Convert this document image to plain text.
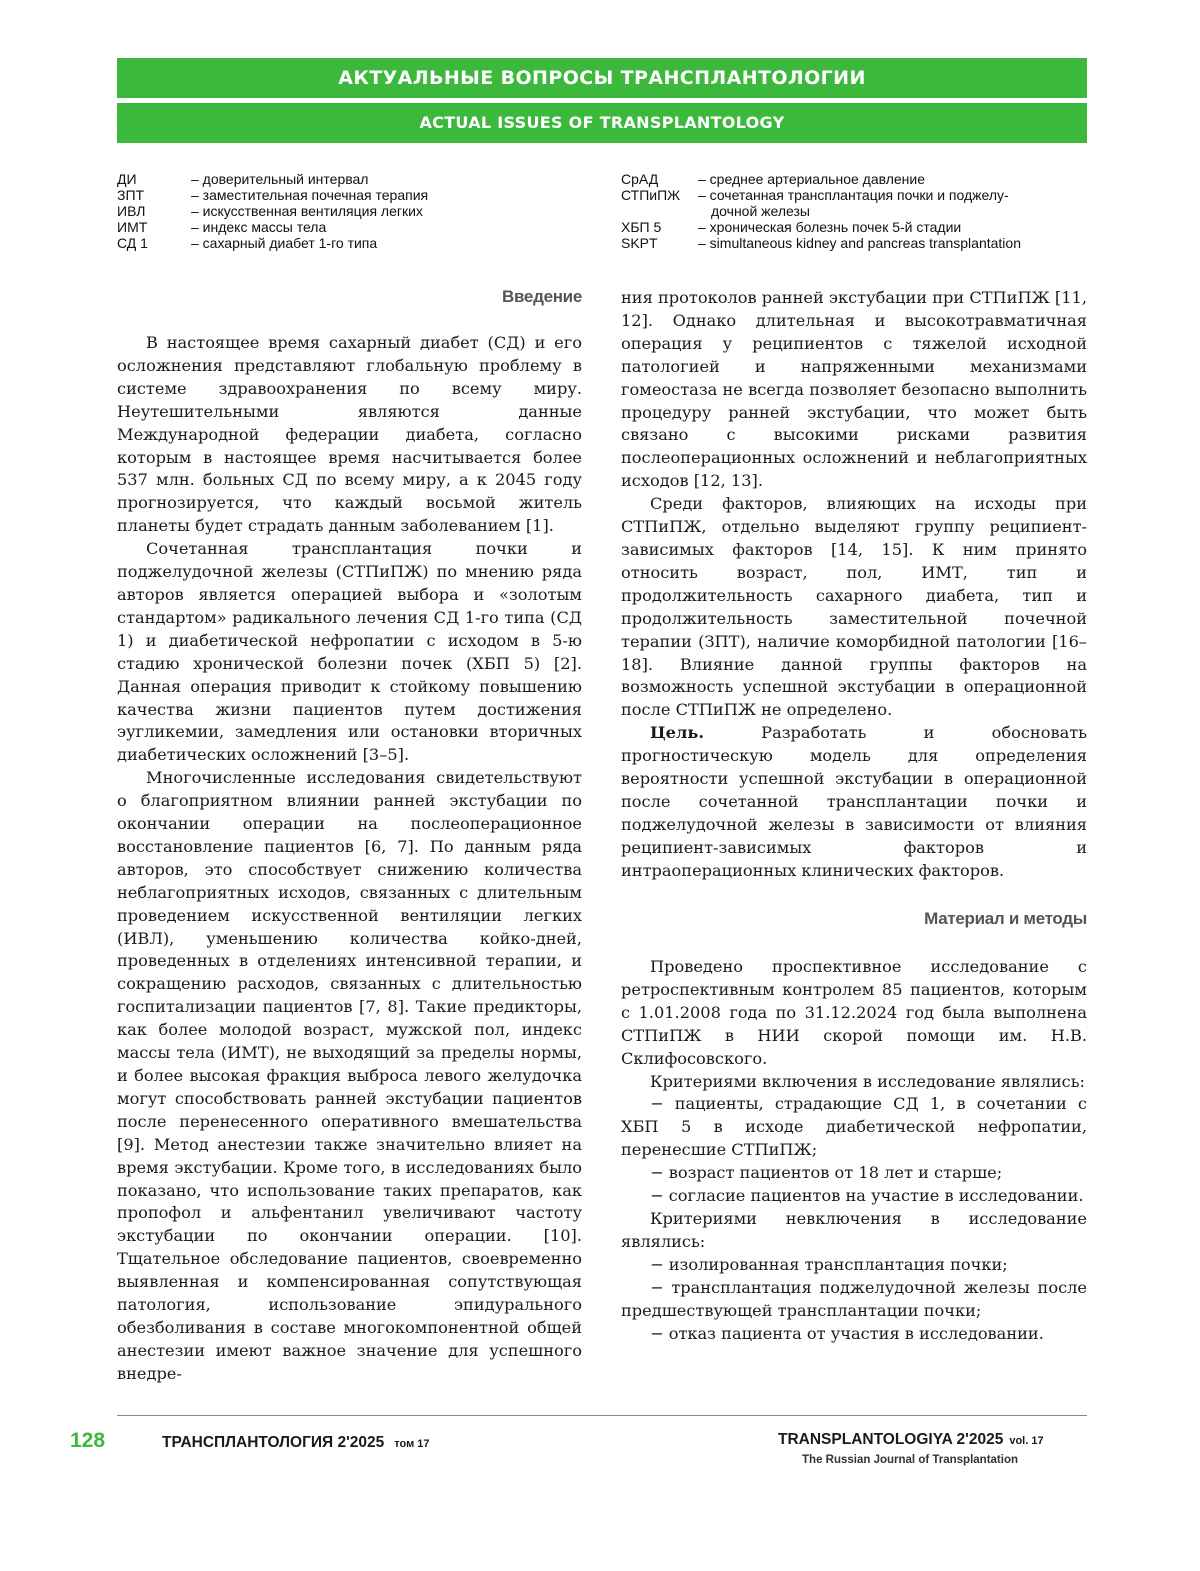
АКТУАЛЬНЫЕ ВОПРОСЫ ТРАНСПЛАНТОЛОГИИ
ACTUAL ISSUES OF TRANSPLANTOLOGY
ДИ	– доверительный интервал
ЗПТ	– заместительная почечная терапия
ИВЛ	– искусственная вентиляция легких
ИМТ	– индекс массы тела
СД 1	– сахарный диабет 1-го типа
СрАД	– среднее артериальное давление
СТПиПЖ	– сочетанная трансплантация почки и поджелу-
дочной железы
ХБП 5	– хроническая болезнь почек 5-й стадии
SKPT	– simultaneous kidney and pancreas transplantation
Введение

В настоящее время сахарный диабет (СД) и его осложнения представляют глобальную проблему в системе здравоохранения по всему миру. Неутешительными являются данные Международной федерации диабета, согласно которым в настоящее время насчитывается более 537 млн. больных СД по всему миру, а к 2045 году прогнозируется, что каждый восьмой житель планеты будет страдать данным заболеванием [1].

Сочетанная трансплантация почки и поджелудочной железы (СТПиПЖ) по мнению ряда авторов является операцией выбора и «золотым стандартом» радикального лечения СД 1-го типа (СД 1) и диабетической нефропатии с исходом в 5-ю стадию хронической болезни почек (ХБП 5) [2]. Данная операция приводит к стойкому повышению качества жизни пациентов путем достижения эугликемии, замедления или остановки вторичных диабетических осложнений [3–5].

Многочисленные исследования свидетельствуют о благоприятном влиянии ранней экстубации по окончании операции на послеоперационное восстановление пациентов [6, 7]. По данным ряда авторов, это способствует снижению количества неблагоприятных исходов, связанных с длительным проведением искусственной вентиляции легких (ИВЛ), уменьшению количества койко-дней, проведенных в отделениях интенсивной терапии, и сокращению расходов, связанных с длительностью госпитализации пациентов [7, 8]. Такие предикторы, как более молодой возраст, мужской пол, индекс массы тела (ИМТ), не выходящий за пределы нормы, и более высокая фракция выброса левого желудочка могут способствовать ранней экстубации пациентов после перенесенного оперативного вмешательства [9]. Метод анестезии также значительно влияет на время экстубации. Кроме того, в исследованиях было показано, что использование таких препаратов, как пропофол и альфентанил увеличивают частоту экстубации по окончании операции. [10]. Тщательное обследование пациентов, своевременно выявленная и компенсированная сопутствующая патология, использование эпидурального обезболивания в составе многокомпонентной общей анестезии имеют важное значение для успешного внедре-

ния протоколов ранней экстубации при СТПиПЖ [11, 12]. Однако длительная и высокотравматичная операция у реципиентов с тяжелой исходной патологией и напряженными механизмами гомеостаза не всегда позволяет безопасно выполнить процедуру ранней экстубации, что может быть связано с высокими рисками развития послеоперационных осложнений и неблагоприятных исходов [12, 13].

Среди факторов, влияющих на исходы при СТПиПЖ, отдельно выделяют группу реципиент-зависимых факторов [14, 15]. К ним принято относить возраст, пол, ИМТ, тип и продолжительность сахарного диабета, тип и продолжительность заместительной почечной терапии (ЗПТ), наличие коморбидной патологии [16–18]. Влияние данной группы факторов на возможность успешной экстубации в операционной после СТПиПЖ не определено.

Цель. Разработать и обосновать прогностическую модель для определения вероятности успешной экстубации в операционной после сочетанной трансплантации почки и поджелудочной железы в зависимости от влияния реципиент-зависимых факторов и интраоперационных клинических факторов.

Материал и методы

Проведено проспективное исследование с ретроспективным контролем 85 пациентов, которым с 1.01.2008 года по 31.12.2024 год была выполнена СТПиПЖ в НИИ скорой помощи им. Н.В. Склифосовского.

Критериями включения в исследование являлись:

− пациенты, страдающие СД 1, в сочетании с ХБП 5 в исходе диабетической нефропатии, перенесшие СТПиПЖ;

− возраст пациентов от 18 лет и старше;

− согласие пациентов на участие в исследовании.

Критериями невключения в исследование являлись:

− изолированная трансплантация почки;

− трансплантация поджелудочной железы после предшествующей трансплантации почки;

− отказ пациента от участия в исследовании.

128	ТРАНСПЛАНТОЛОГИЯ 2'2025 том 17	TRANSPLANTOLOGIYA 2'2025 vol. 17
The Russian Journal of Transplantation
